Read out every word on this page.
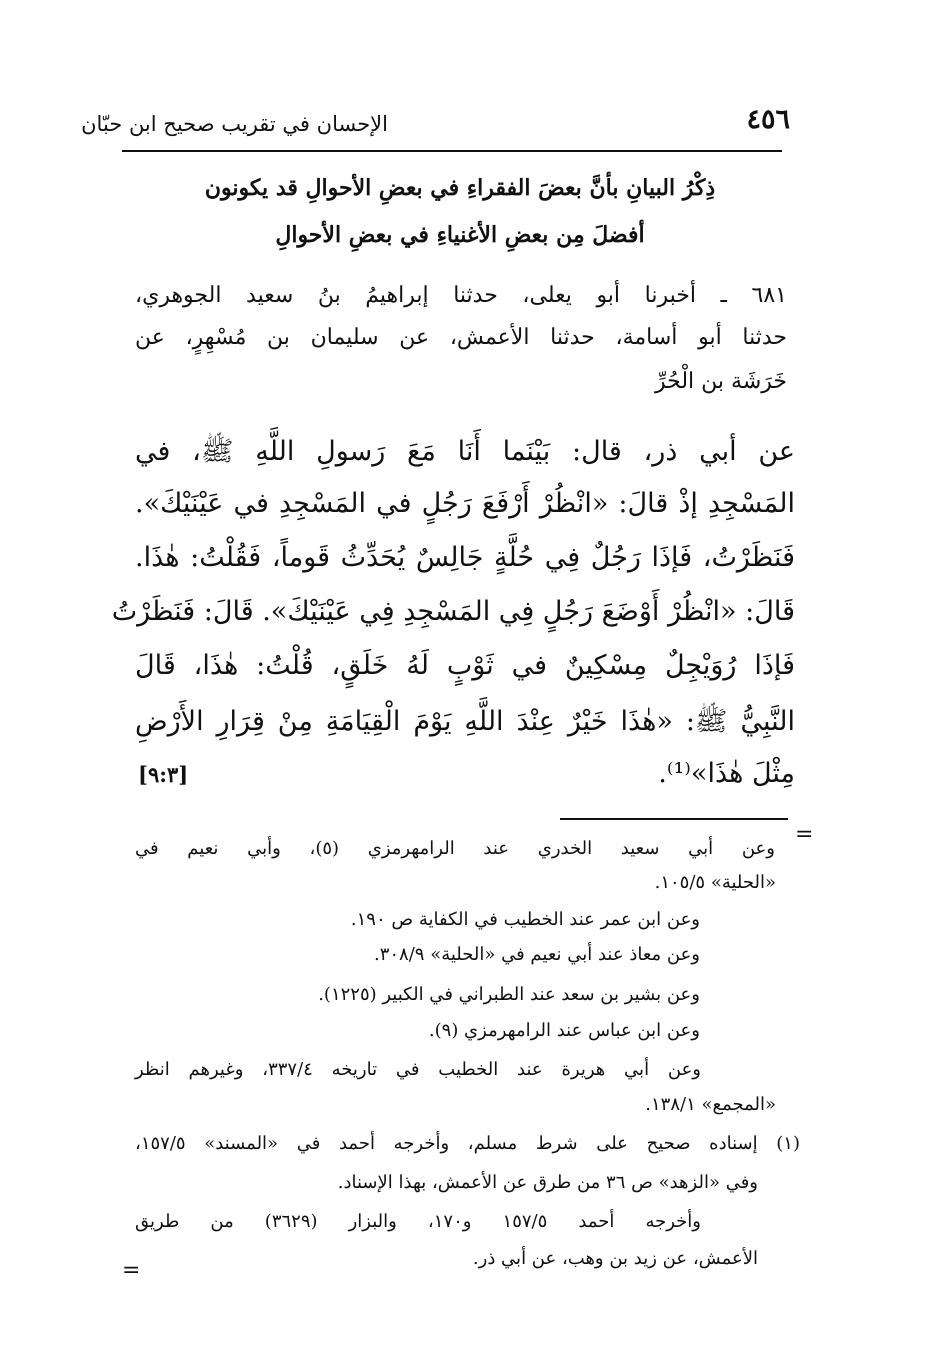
الإحسان في تقريب صحيح ابن حبّان	٤٥٦
ذِكْرُ البيانِ بأنَّ بعضَ الفقراءِ في بعضِ الأحوالِ قد يكونون
أفضلَ مِن بعضِ الأغنياءِ في بعضِ الأحوالِ
٦٨١ ـ أخبرنا أبو يعلى، حدثنا إبراهيمُ بنُ سعيد الجوهري،
حدثنا أبو أسامة، حدثنا الأعمش، عن سليمان بن مُسْهِرٍ، عن
خَرَشَة بن الْحُرِّ
عن أبي ذر، قال: بَيْنَما أَنَا مَعَ رَسولِ اللَّهِ ﷺ، في
المَسْجِدِ إذْ قالَ: «انْظُرْ أَرْفَعَ رَجُلٍ في المَسْجِدِ في عَيْنَيْكَ».
فَنَظَرْتُ، فَإذَا رَجُلٌ فِي حُلَّةٍ جَالِسٌ يُحَدِّثُ قَوماً، فَقُلْتُ: هٰذَا.
قَالَ: «انْظُرْ أَوْضَعَ رَجُلٍ فِي المَسْجِدِ فِي عَيْنَيْكَ». قَالَ: فَنَظَرْتُ
فَإذَا رُوَيْجِلٌ مِسْكِينٌ في ثَوْبٍ لَهُ خَلَقٍ، قُلْتُ: هٰذَا، قَالَ
النَّبِيُّ ﷺ: «هٰذَا خَيْرٌ عِنْدَ اللَّهِ يَوْمَ الْقِيَامَةِ مِنْ قِرَارِ الأَرْضِ
مِثْلَ هٰذَا»⁽¹⁾.
[٩:٣]
=
وعن أبي سعيد الخدري عند الرامهرمزي (٥)، وأبي نعيم في
«الحلية» ١٠٥/٥.
وعن ابن عمر عند الخطيب في الكفاية ص ١٩٠.
وعن معاذ عند أبي نعيم في «الحلية» ٣٠٨/٩.
وعن بشير بن سعد عند الطبراني في الكبير (١٢٢٥).
وعن ابن عباس عند الرامهرمزي (٩).
وعن أبي هريرة عند الخطيب في تاريخه ٣٣٧/٤، وغيرهم انظر
«المجمع» ١٣٨/١.
(١) إسناده صحيح على شرط مسلم، وأخرجه أحمد في «المسند» ١٥٧/٥،
وفي «الزهد» ص ٣٦ من طرق عن الأعمش، بهذا الإسناد.
وأخرجه أحمد ١٥٧/٥ و١٧٠، والبزار (٣٦٢٩) من طريق
الأعمش، عن زيد بن وهب، عن أبي ذر.
=
